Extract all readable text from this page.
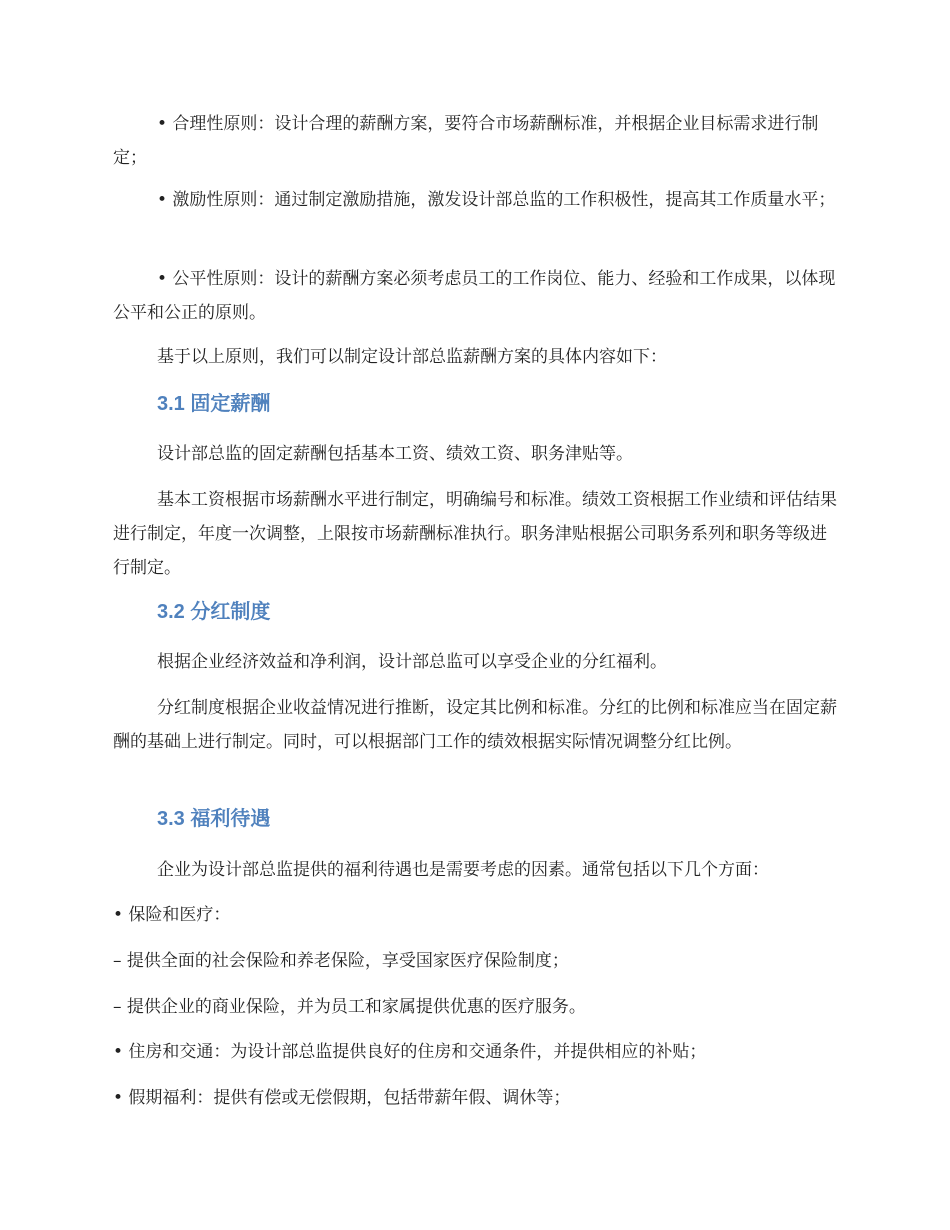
• 合理性原则：设计合理的薪酬方案，要符合市场薪酬标准，并根据企业目标需求进行制定；

• 激励性原则：通过制定激励措施，激发设计部总监的工作积极性，提高其工作质量水平；

• 公平性原则：设计的薪酬方案必须考虑员工的工作岗位、能力、经验和工作成果，以体现公平和公正的原则。

基于以上原则，我们可以制定设计部总监薪酬方案的具体内容如下：

3.1 固定薪酬

设计部总监的固定薪酬包括基本工资、绩效工资、职务津贴等。

基本工资根据市场薪酬水平进行制定，明确编号和标准。绩效工资根据工作业绩和评估结果进行制定，年度一次调整，上限按市场薪酬标准执行。职务津贴根据公司职务系列和职务等级进行制定。

3.2 分红制度

根据企业经济效益和净利润，设计部总监可以享受企业的分红福利。

分红制度根据企业收益情况进行推断，设定其比例和标准。分红的比例和标准应当在固定薪酬的基础上进行制定。同时，可以根据部门工作的绩效根据实际情况调整分红比例。

3.3 福利待遇

企业为设计部总监提供的福利待遇也是需要考虑的因素。通常包括以下几个方面：

• 保险和医疗：

– 提供全面的社会保险和养老保险，享受国家医疗保险制度；

– 提供企业的商业保险，并为员工和家属提供优惠的医疗服务。

• 住房和交通：为设计部总监提供良好的住房和交通条件，并提供相应的补贴；

• 假期福利：提供有偿或无偿假期，包括带薪年假、调休等；
